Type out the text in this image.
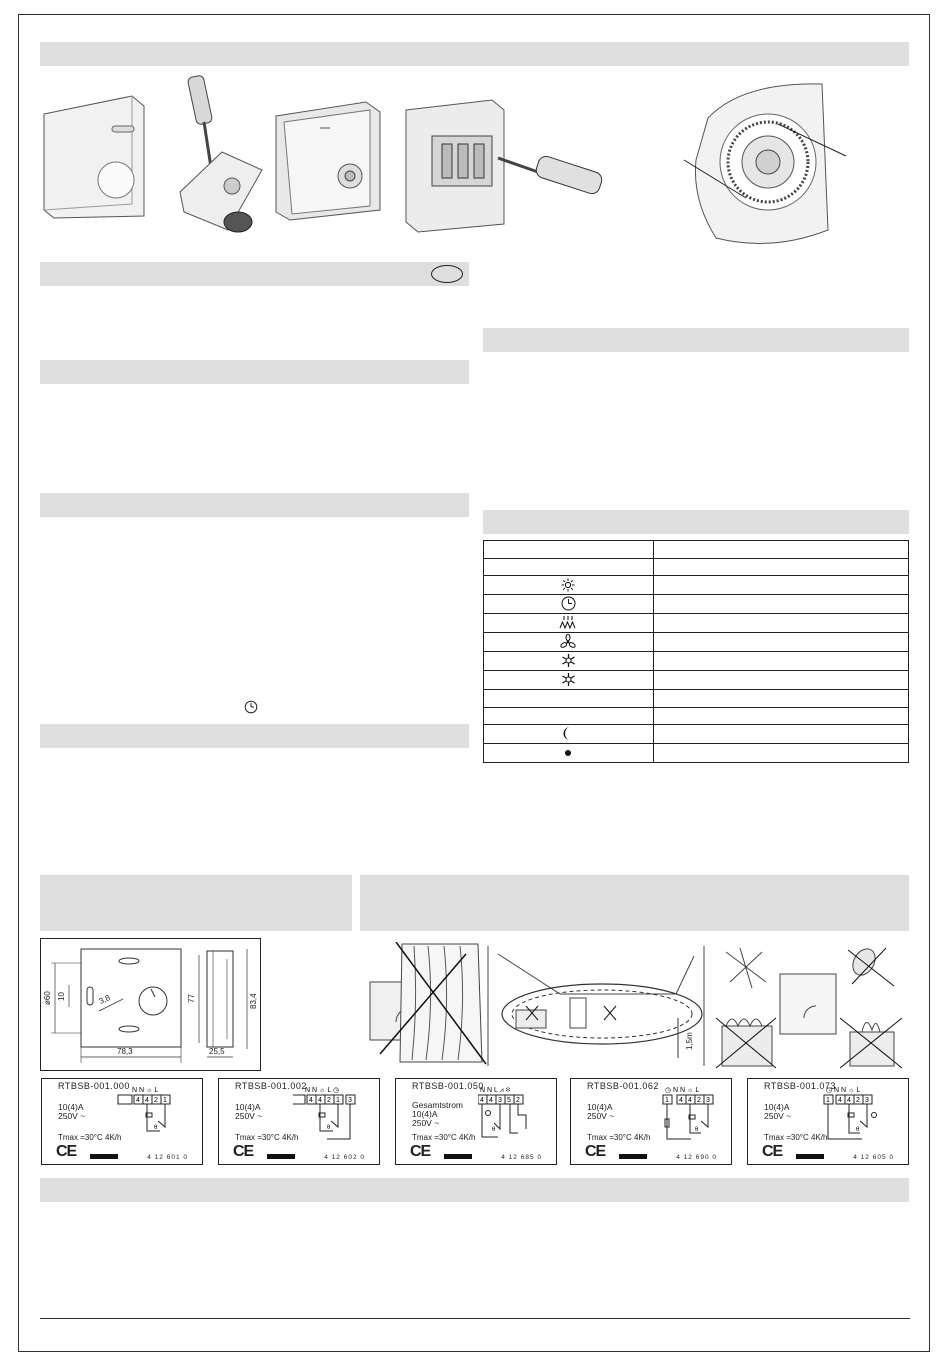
ø60 10	3,8
78,3
77	83,4
25,5
1,5m
RTBSB-001.000
10(4)A
250V ~
Tmax =30°C 4K/h
CE	4 12 601 0
N N ☼ L
4 4 2 1
θ
RTBSB-001.002
10(4)A
250V ~
Tmax =30°C 4K/h
CE	4 12 602 0
N N ☼ L ◷
4 4 2 1 3
θ
RTBSB-001.050
Gesamtstrom
10(4)A
250V ~
Tmax =30°C 4K/h
CE	4 12 685 0
N N L ⩘ ✻
4 4 3 5 2
θ
RTBSB-001.062
10(4)A
250V ~
Tmax =30°C 4K/h
CE	4 12 690 0
◷ N N ☼ L
1 4 4 2 3
θ
RTBSB-001.073
10(4)A
250V ~
Tmax =30°C 4K/h
CE	4 12 605 0
◷ N N ☼ L
1 4 4 2 3
θ
